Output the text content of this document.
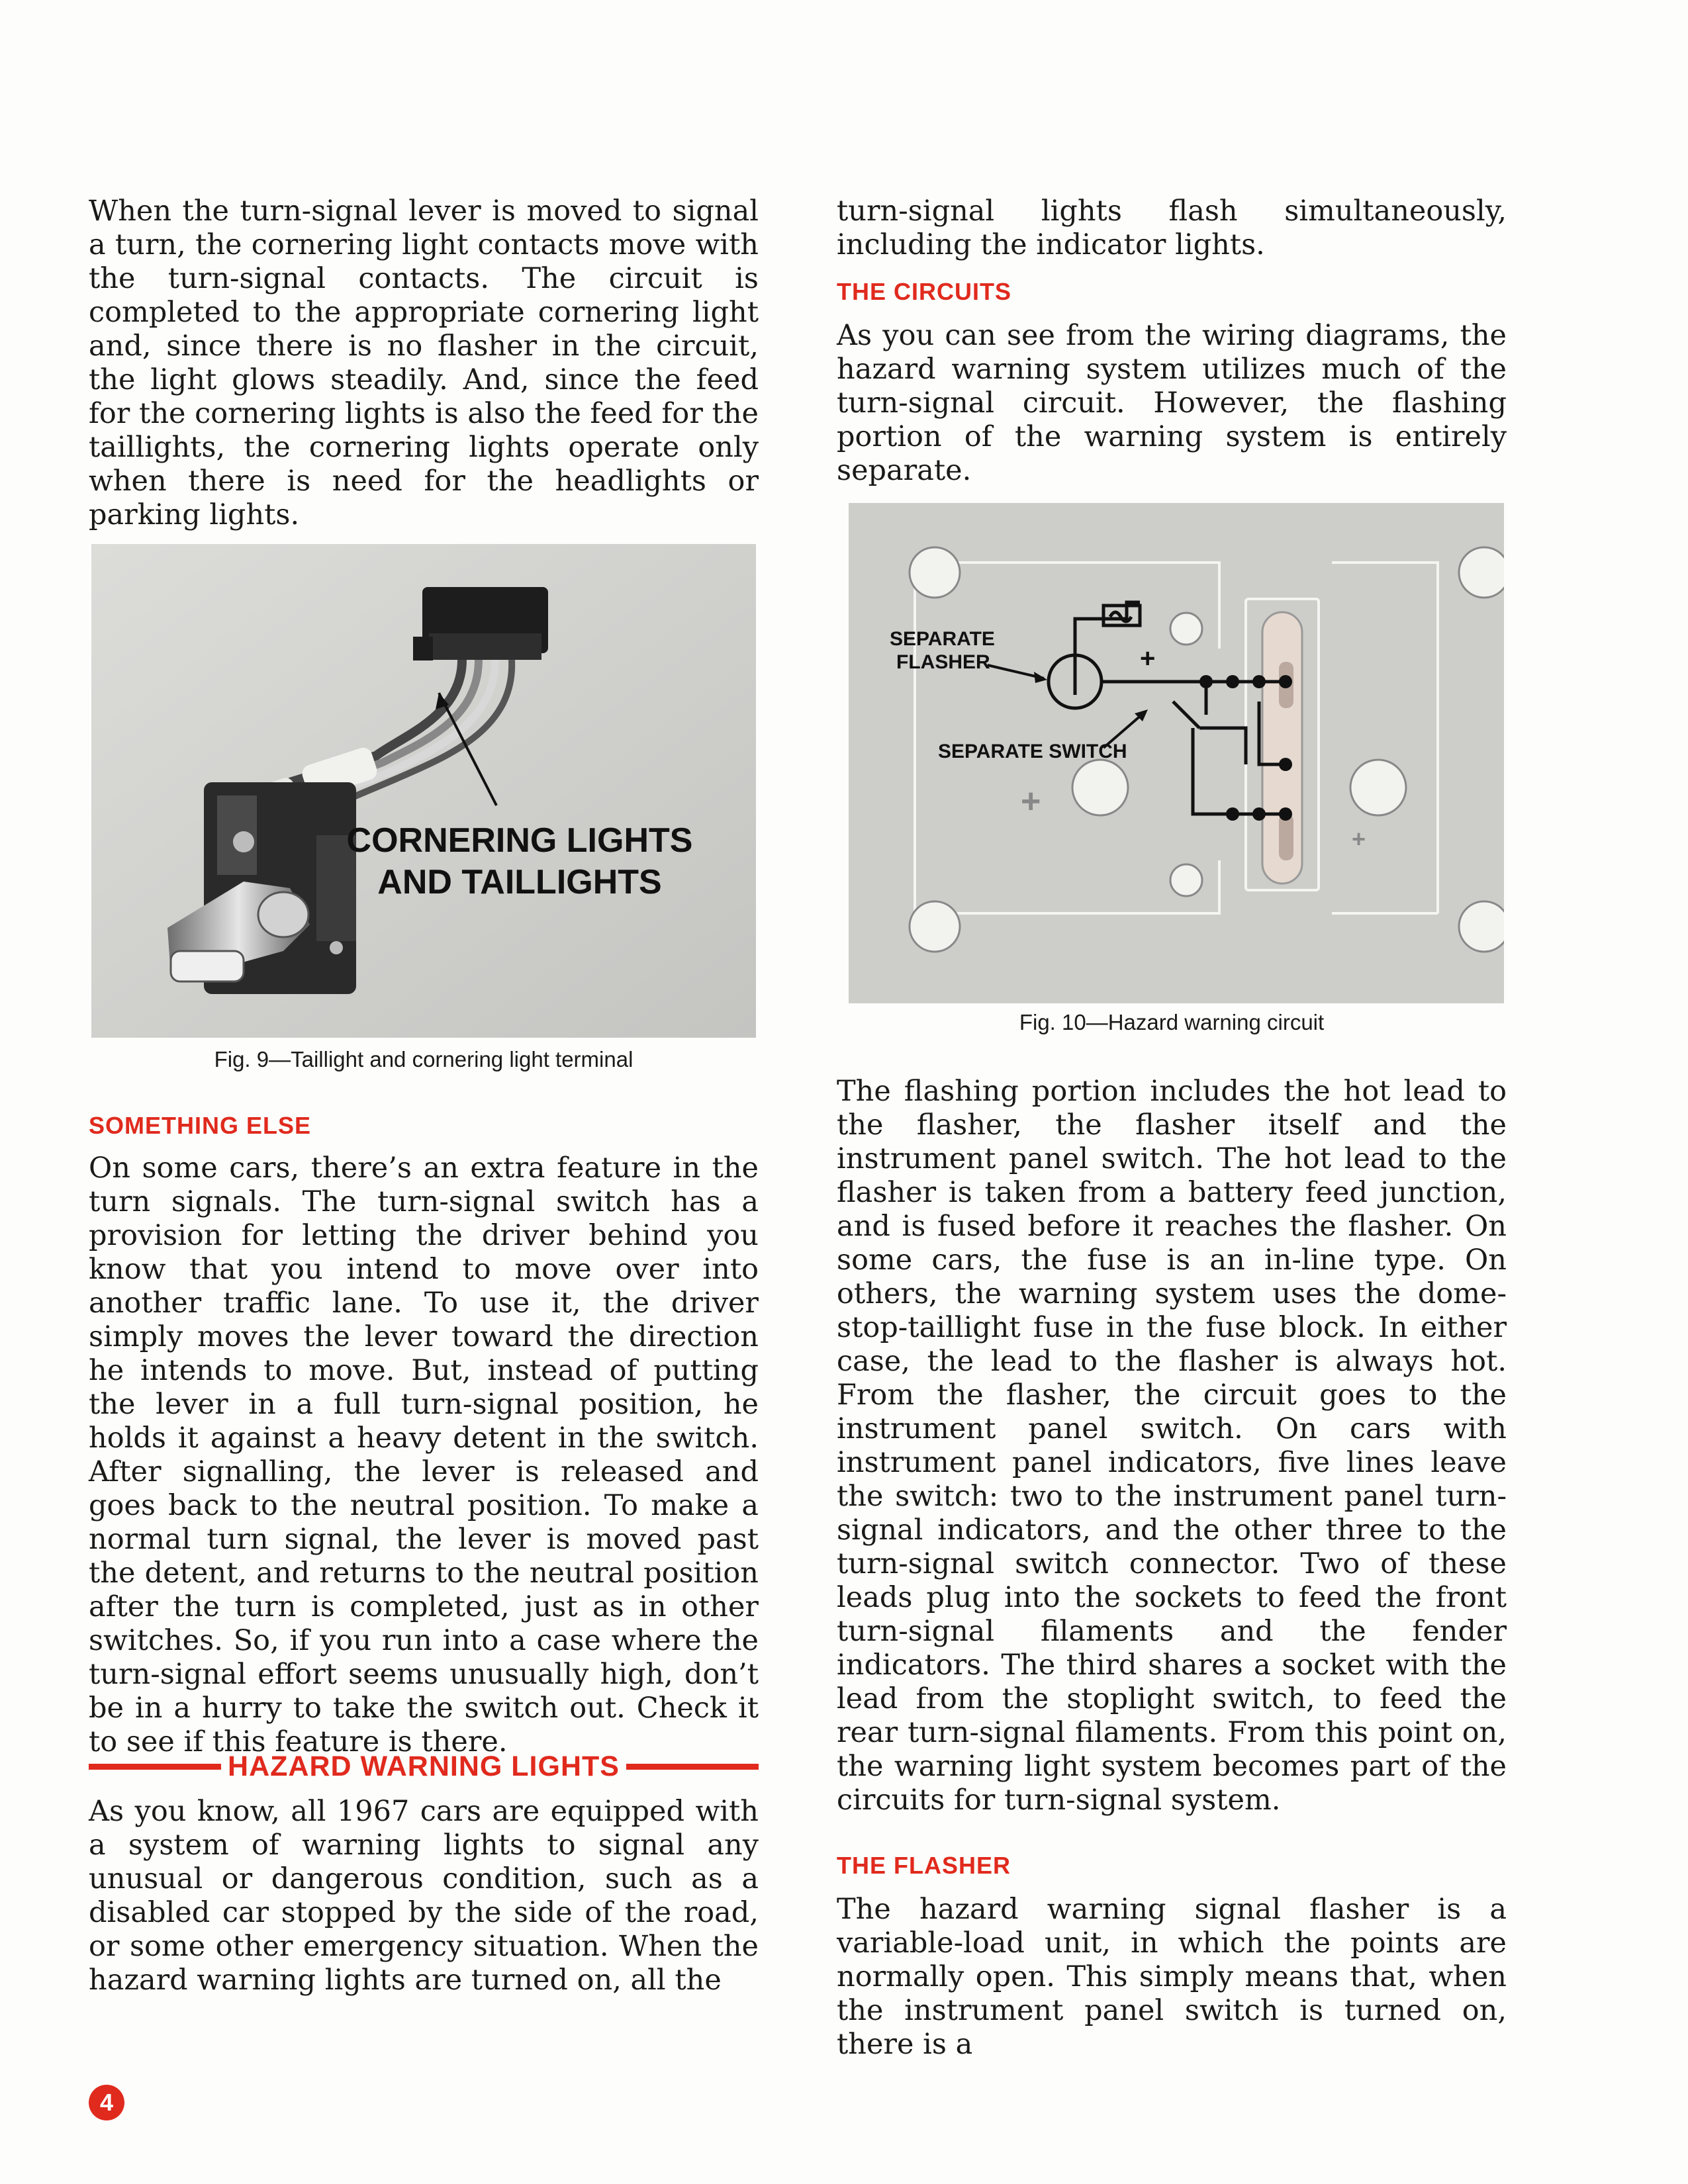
When the turn-signal lever is moved to signal a turn, the cornering light contacts move with the turn-signal contacts. The circuit is completed to the appropriate cornering light and, since there is no flasher in the circuit, the light glows steadily. And, since the feed for the cornering lights is also the feed for the taillights, the cornering lights operate only when there is need for the headlights or parking lights.

CORNERING LIGHTS
AND TAILLIGHTS

Fig. 9—Taillight and cornering light terminal

SOMETHING ELSE

On some cars, there’s an extra feature in the turn signals. The turn-signal switch has a provision for letting the driver behind you know that you intend to move over into another traffic lane. To use it, the driver simply moves the lever toward the direction he intends to move. But, instead of putting the lever in a full turn-signal position, he holds it against a heavy detent in the switch. After signalling, the lever is released and goes back to the neutral position. To make a normal turn signal, the lever is moved past the detent, and returns to the neutral position after the turn is completed, just as in other switches. So, if you run into a case where the turn-signal effort seems unusually high, don’t be in a hurry to take the switch out. Check it to see if this feature is there.

HAZARD WARNING LIGHTS

As you know, all 1967 cars are equipped with a system of warning lights to signal any unusual or dangerous condition, such as a disabled car stopped by the side of the road, or some other emergency situation. When the hazard warning lights are turned on, all the

turn-signal lights flash simultaneously, including the indicator lights.

THE CIRCUITS

As you can see from the wiring diagrams, the hazard warning system utilizes much of the turn-signal circuit. However, the flashing portion of the warning system is entirely separate.

+
+
+
SEPARATE
FLASHER
SEPARATE SWITCH

Fig. 10—Hazard warning circuit

The flashing portion includes the hot lead to the flasher, the flasher itself and the instrument panel switch. The hot lead to the flasher is taken from a battery feed junction, and is fused before it reaches the flasher. On some cars, the fuse is an in-line type. On others, the warning system uses the dome-stop-taillight fuse in the fuse block. In either case, the lead to the flasher is always hot. From the flasher, the circuit goes to the instrument panel switch. On cars with instrument panel indicators, five lines leave the switch: two to the instrument panel turn-signal indicators, and the other three to the turn-signal switch connector. Two of these leads plug into the sockets to feed the front turn-signal filaments and the fender indicators. The third shares a socket with the lead from the stoplight switch, to feed the rear turn-signal filaments. From this point on, the warning light system becomes part of the circuits for turn-signal system.

THE FLASHER

The hazard warning signal flasher is a variable-load unit, in which the points are normally open. This simply means that, when the instrument panel switch is turned on, there is a

4
